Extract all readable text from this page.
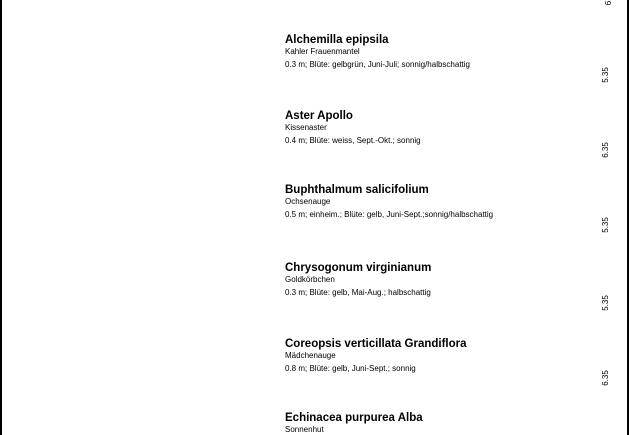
6
Alchemilla epipsila
Kahler Frauenmantel
0.3 m; Blüte: gelbgrün, Juni-Juli; sonnig/halbschattig
5.35
Aster Apollo
Kissenaster
0.4 m; Blüte: weiss, Sept.-Okt.; sonnig
6.35
Buphthalmum salicifolium
Ochsenauge
0.5 m; einheim.; Blüte: gelb, Juni-Sept.;sonnig/halbschattig
5.35
Chrysogonum virginianum
Goldkörbchen
0.3 m; Blüte: gelb, Mai-Aug.; halbschattig
5.35
Coreopsis verticillata Grandiflora
Mädchenauge
0.8 m; Blüte: gelb, Juni-Sept.; sonnig
6.35
Echinacea purpurea Alba
Sonnenhut
